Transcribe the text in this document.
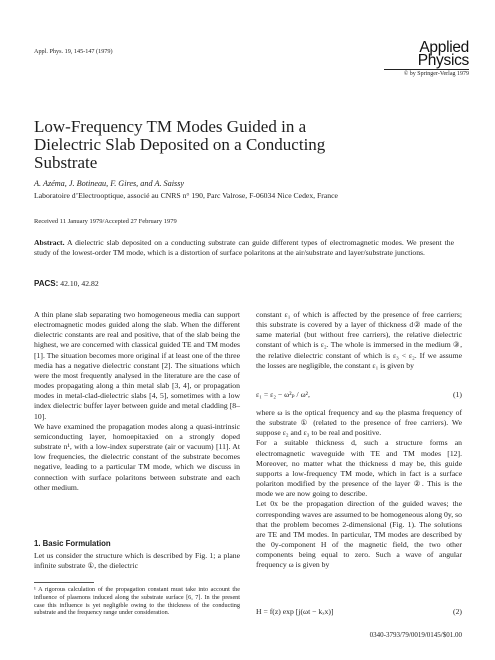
Appl. Phys. 19, 145-147 (1979)	Applied
Physics
© by Springer-Verlag 1979
Low-Frequency TM Modes Guided in a Dielectric Slab Deposited on a Conducting Substrate
A. Azéma, J. Botineau, F. Gires, and A. Saissy
Laboratoire d’Electrooptique, associé au CNRS n° 190, Parc Valrose, F-06034 Nice Cedex, France
Received 11 January 1979/Accepted 27 February 1979
Abstract. A dielectric slab deposited on a conducting substrate can guide different types of electromagnetic modes. We present the study of the lowest-order TM mode, which is a distortion of surface polaritons at the air/substrate and layer/substrate junctions.
PACS: 42.10, 42.82

A thin plane slab separating two homogeneous media can support electromagnetic modes guided along the slab. When the different dielectric constants are real and positive, that of the slab being the highest, we are concerned with classical guided TE and TM modes [1]. The situation becomes more original if at least one of the three media has a negative dielectric constant [2]. The situations which were the most frequently analysed in the literature are the case of modes propagating along a thin metal slab [3, 4], or propagation modes in metal-clad-dielectric slabs [4, 5], sometimes with a low index dielectric buffer layer between guide and metal cladding [8–10].

We have examined the propagation modes along a quasi-intrinsic semiconducting layer, homoepitaxied on a strongly doped substrate n¹, with a low-index superstrate (air or vacuum) [11]. At low frequencies, the dielectric constant of the substrate becomes negative, leading to a particular TM mode, which we discuss in connection with surface polaritons between substrate and each other medium.

1. Basic Formulation
Let us consider the structure which is described by Fig. 1; a plane infinite substrate ①, the dielectric
¹ A rigorous calculation of the propagation constant must take into account the influence of plasmons induced along the substrate surface [6, 7]. In the present case this influence is yet negligible owing to the thickness of the conducting substrate and the frequency range under consideration.

constant ε₁ of which is affected by the presence of free carriers; this substrate is covered by a layer of thickness d② made of the same material (but without free carriers), the relative dielectric constant of which is ε₂. The whole is immersed in the medium ③, the relative dielectric constant of which is ε₃ < ε₂. If we assume the losses are negligible, the constant ε₁ is given by

ε₁ = ε₂ − ω²ₚ / ω²,	(1)

where ω is the optical frequency and ωₚ the plasma frequency of the substrate ① (related to the presence of free carriers). We suppose ε₂ and ε₃ to be real and positive.

For a suitable thickness d, such a structure forms an electromagnetic waveguide with TE and TM modes [12]. Moreover, no matter what the thickness d may be, this guide supports a low-frequency TM mode, which in fact is a surface polariton modified by the presence of the layer ②. This is the mode we are now going to describe.

Let 0x be the propagation direction of the guided waves; the corresponding waves are assumed to be homogeneous along 0y, so that the problem becomes 2-dimensional (Fig. 1). The solutions are TE and TM modes. In particular, TM modes are described by the 0y-component H of the magnetic field, the two other components being equal to zero. Such a wave of angular frequency ω is given by

H = f(z) exp [j(ωt − kₓx)]	(2)
0340-3793/79/0019/0145/$01.00
